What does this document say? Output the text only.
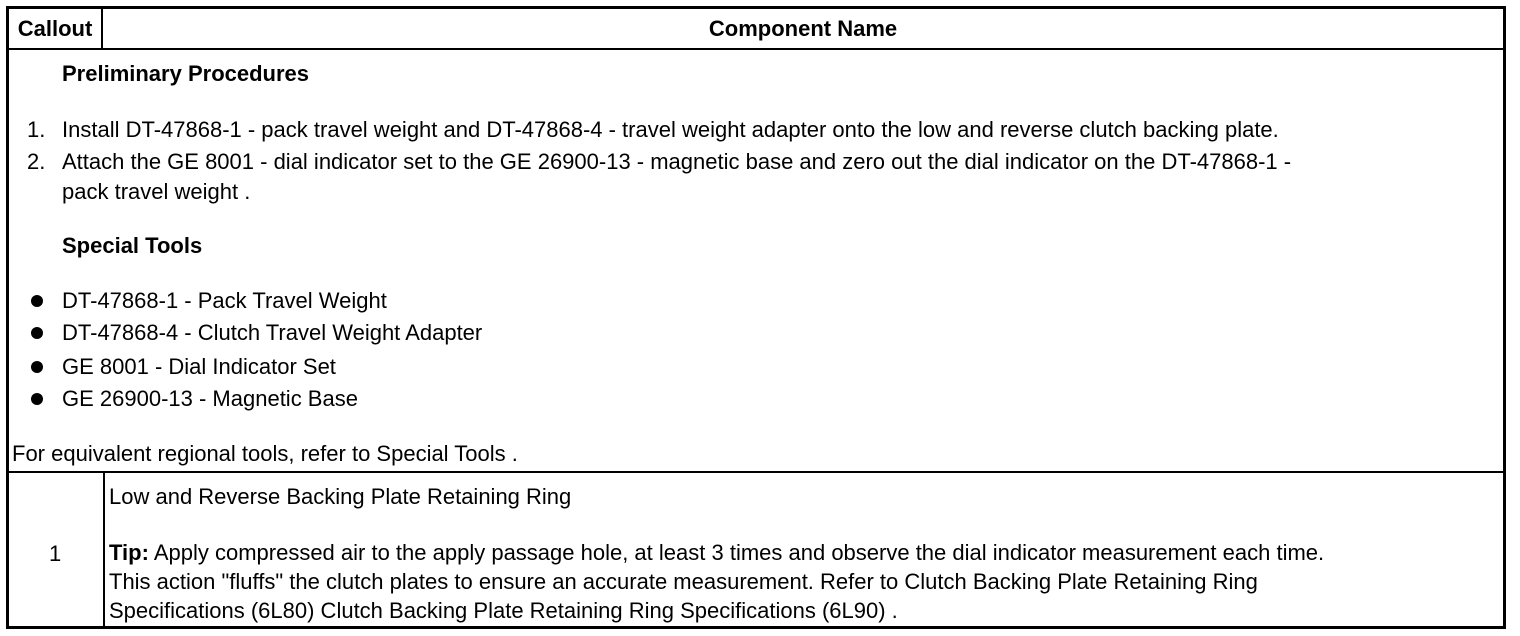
Callout	Component Name
Preliminary Procedures
1. Install DT-47868-1 - pack travel weight and DT-47868-4 - travel weight adapter onto the low and reverse clutch backing plate.
2. Attach the GE 8001 - dial indicator set to the GE 26900-13 - magnetic base and zero out the dial indicator on the DT-47868-1 -
pack travel weight .
Special Tools
DT-47868-1 - Pack Travel Weight
DT-47868-4 - Clutch Travel Weight Adapter
GE 8001 - Dial Indicator Set
GE 26900-13 - Magnetic Base
For equivalent regional tools, refer to Special Tools .
1
Low and Reverse Backing Plate Retaining Ring
Tip: Apply compressed air to the apply passage hole, at least 3 times and observe the dial indicator measurement each time.
This action "fluffs" the clutch plates to ensure an accurate measurement. Refer to Clutch Backing Plate Retaining Ring
Specifications (6L80) Clutch Backing Plate Retaining Ring Specifications (6L90) .
